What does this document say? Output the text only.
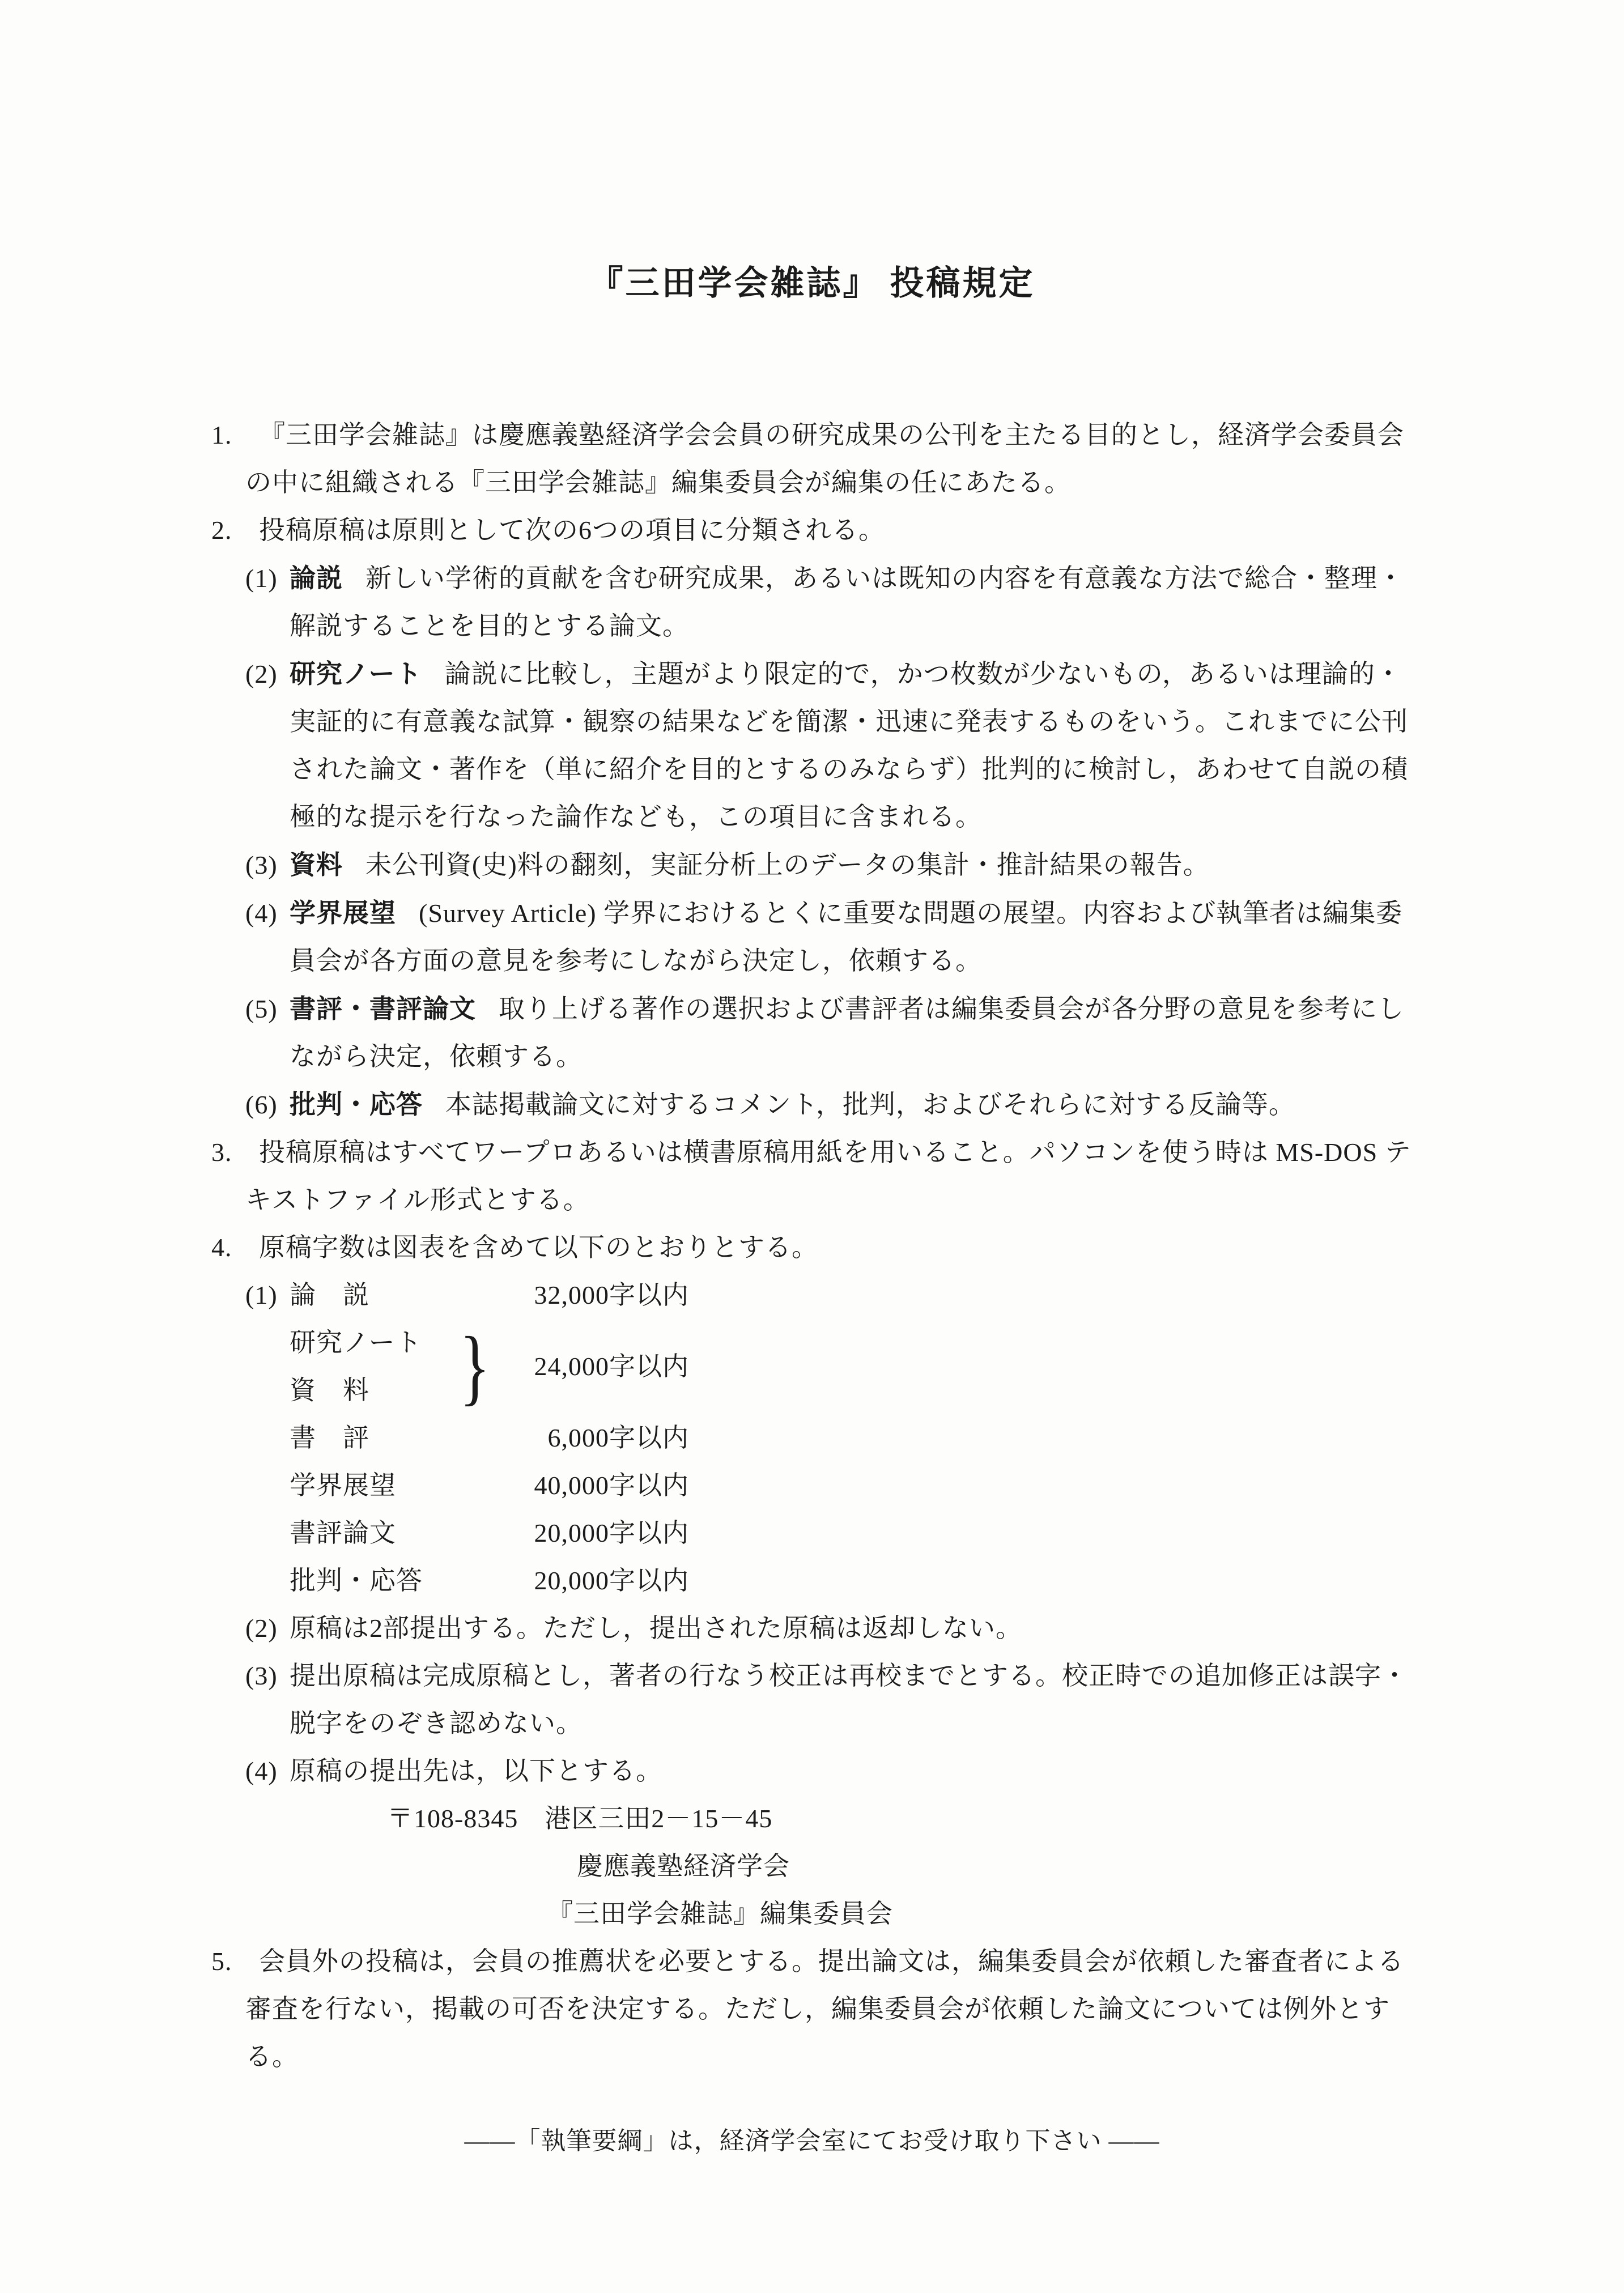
『三田学会雑誌』 投稿規定

1. 『三田学会雑誌』は慶應義塾経済学会会員の研究成果の公刊を主たる目的とし，経済学会委員会の中に組織される『三田学会雑誌』編集委員会が編集の任にあたる。

2. 投稿原稿は原則として次の6つの項目に分類される。

(1) 論説 新しい学術的貢献を含む研究成果，あるいは既知の内容を有意義な方法で総合・整理・解説することを目的とする論文。

(2) 研究ノート 論説に比較し，主題がより限定的で，かつ枚数が少ないもの，あるいは理論的・実証的に有意義な試算・観察の結果などを簡潔・迅速に発表するものをいう。これまでに公刊された論文・著作を（単に紹介を目的とするのみならず）批判的に検討し，あわせて自説の積極的な提示を行なった論作なども，この項目に含まれる。

(3) 資料 未公刊資(史)料の翻刻，実証分析上のデータの集計・推計結果の報告。

(4) 学界展望 (Survey Article) 学界におけるとくに重要な問題の展望。内容および執筆者は編集委員会が各方面の意見を参考にしながら決定し，依頼する。

(5) 書評・書評論文 取り上げる著作の選択および書評者は編集委員会が各分野の意見を参考にしながら決定，依頼する。

(6) 批判・応答 本誌掲載論文に対するコメント，批判，およびそれらに対する反論等。

3. 投稿原稿はすべてワープロあるいは横書原稿用紙を用いること。パソコンを使う時は MS-DOS テキストファイル形式とする。

4. 原稿字数は図表を含めて以下のとおりとする。

(1) 論　説	32,000字以内
研究ノート
資　料	}	24,000字以内
書　評	6,000字以内
学界展望	40,000字以内
書評論文	20,000字以内
批判・応答	20,000字以内

(2) 原稿は2部提出する。ただし，提出された原稿は返却しない。

(3) 提出原稿は完成原稿とし，著者の行なう校正は再校までとする。校正時での追加修正は誤字・脱字をのぞき認めない。

(4) 原稿の提出先は，以下とする。

〒108-8345　港区三田2－15－45

慶應義塾経済学会

『三田学会雑誌』編集委員会

5. 会員外の投稿は，会員の推薦状を必要とする。提出論文は，編集委員会が依頼した審査者による審査を行ない，掲載の可否を決定する。ただし，編集委員会が依頼した論文については例外とする。

——「執筆要綱」は，経済学会室にてお受け取り下さい ——
